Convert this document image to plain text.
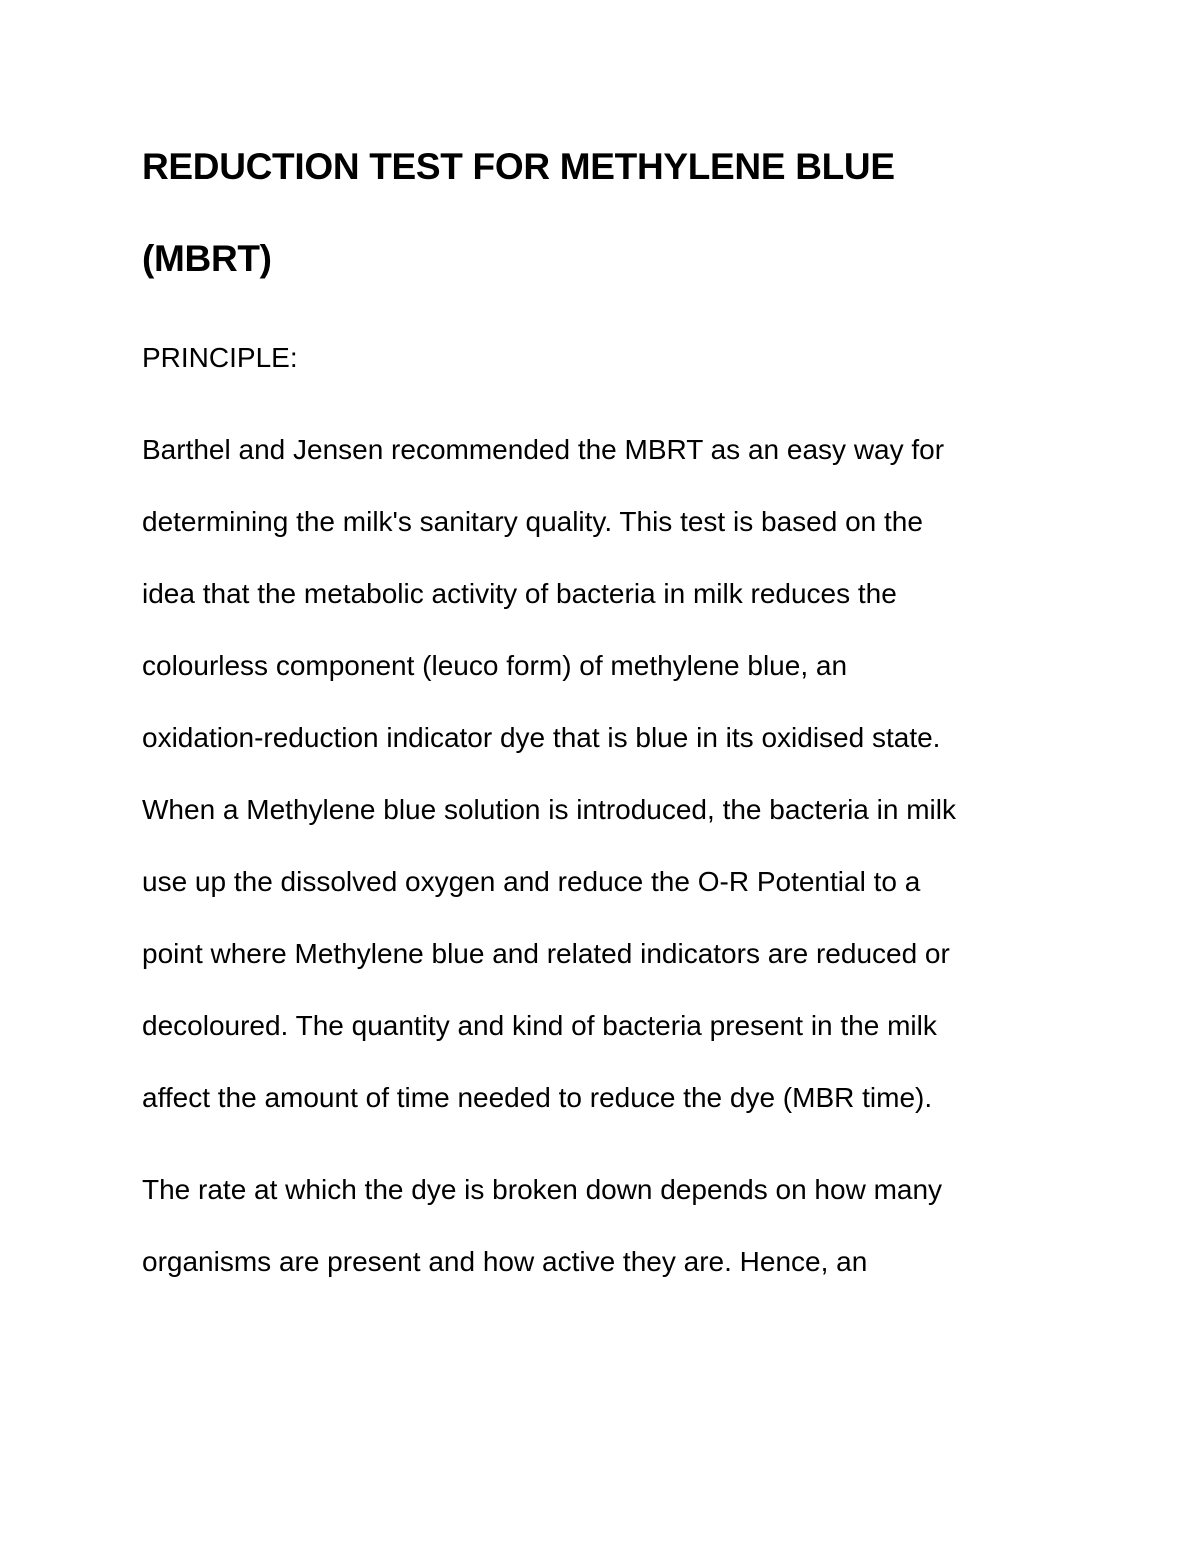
REDUCTION TEST FOR METHYLENE BLUE
(MBRT)

PRINCIPLE:

Barthel and Jensen recommended the MBRT as an easy way for

determining the milk's sanitary quality. This test is based on the

idea that the metabolic activity of bacteria in milk reduces the

colourless component (leuco form) of methylene blue, an

oxidation-reduction indicator dye that is blue in its oxidised state.

When a Methylene blue solution is introduced, the bacteria in milk

use up the dissolved oxygen and reduce the O-R Potential to a

point where Methylene blue and related indicators are reduced or

decoloured. The quantity and kind of bacteria present in the milk

affect the amount of time needed to reduce the dye (MBR time).

The rate at which the dye is broken down depends on how many

organisms are present and how active they are. Hence, an
